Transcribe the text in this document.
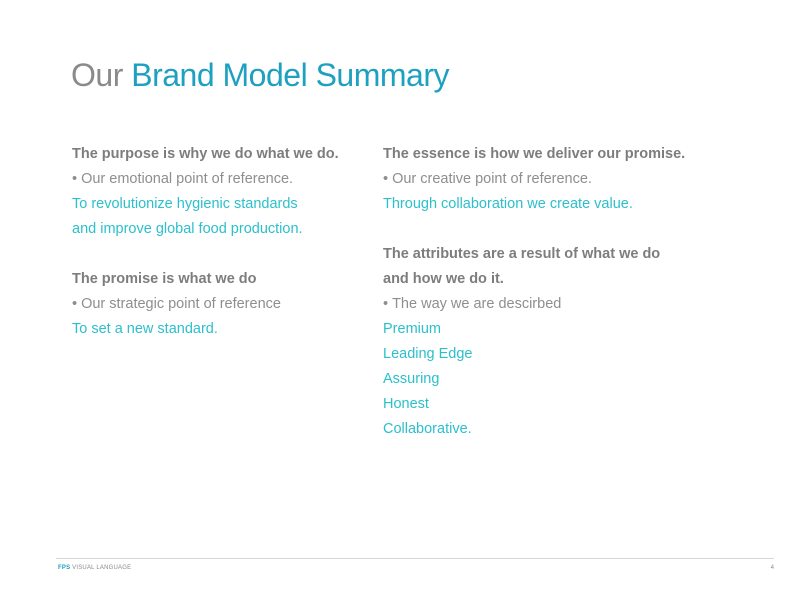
Our Brand Model Summary
The purpose is why we do what we do.
• Our emotional point of reference.
To revolutionize hygienic standards
and improve global food production.
The promise is what we do
• Our strategic point of reference
To set a new standard.
The essence is how we deliver our promise.
• Our creative point of reference.
Through collaboration we create value.
The attributes are a result of what we do
and how we do it.
• The way we are descirbed
Premium
Leading Edge
Assuring
Honest
Collaborative.
FPS VISUAL LANGUAGE	4
